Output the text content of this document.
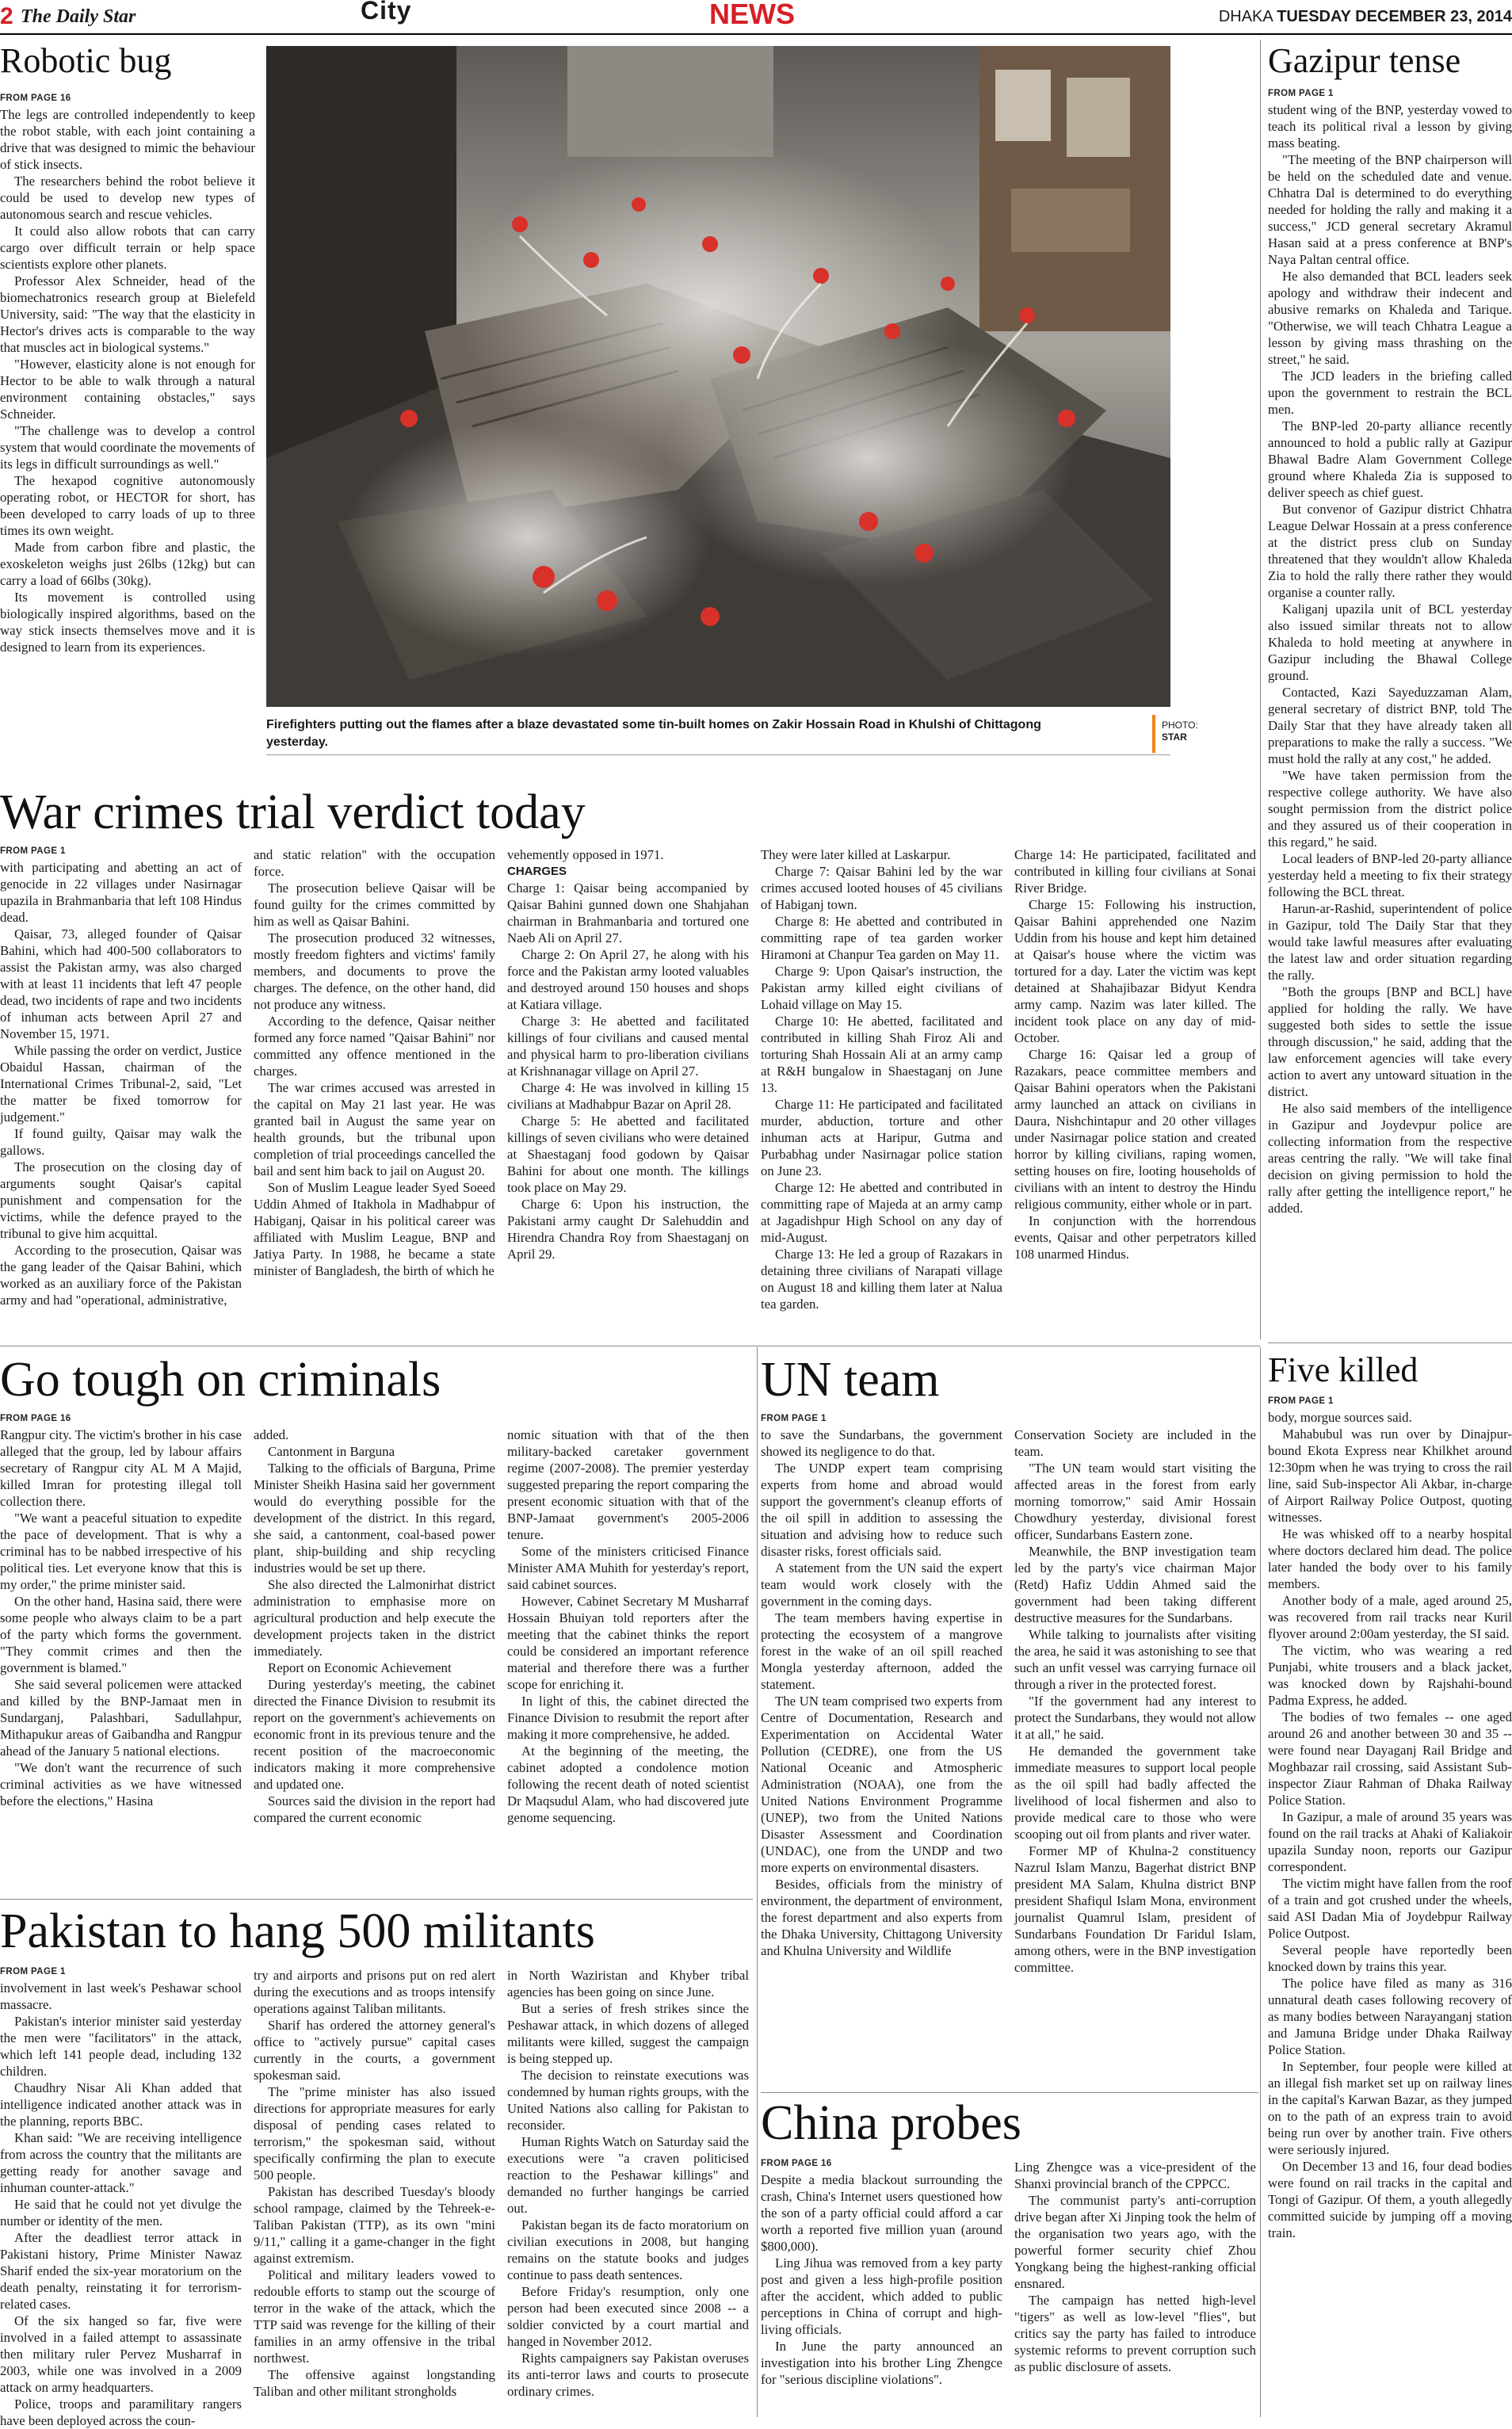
2 The Daily Star	City	NEWS	DHAKA TUESDAY DECEMBER 23, 2014
Robotic bug
FROM PAGE 16

The legs are controlled independently to keep the robot stable, with each joint containing a drive that was designed to mimic the behaviour of stick insects.

The researchers behind the robot believe it could be used to develop new types of autonomous search and rescue vehicles.

It could also allow robots that can carry cargo over difficult terrain or help space scientists explore other planets.

Professor Alex Schneider, head of the biomechatronics research group at Bielefeld University, said: "The way that the elasticity in Hector's drives acts is comparable to the way that muscles act in biological systems."

"However, elasticity alone is not enough for Hector to be able to walk through a natural environment containing obstacles," says Schneider.

"The challenge was to develop a control system that would coordinate the movements of its legs in difficult surroundings as well."

The hexapod cognitive autonomously operating robot, or HECTOR for short, has been developed to carry loads of up to three times its own weight.

Made from carbon fibre and plastic, the exoskeleton weighs just 26lbs (12kg) but can carry a load of 66lbs (30kg).

Its movement is controlled using biologically inspired algorithms, based on the way stick insects themselves move and it is designed to learn from its experiences.

Firefighters putting out the flames after a blaze devastated some tin-built homes on Zakir Hossain Road in Khulshi of Chittagong yesterday.
PHOTO:
STAR
Gazipur tense
FROM PAGE 1

student wing of the BNP, yesterday vowed to teach its political rival a lesson by giving mass beating.

"The meeting of the BNP chairperson will be held on the scheduled date and venue. Chhatra Dal is determined to do everything needed for holding the rally and making it a success," JCD general secretary Akramul Hasan said at a press conference at BNP's Naya Paltan central office.

He also demanded that BCL leaders seek apology and withdraw their indecent and abusive remarks on Khaleda and Tarique. "Otherwise, we will teach Chhatra League a lesson by giving mass thrashing on the street," he said.

The JCD leaders in the briefing called upon the government to restrain the BCL men.

The BNP-led 20-party alliance recently announced to hold a public rally at Gazipur Bhawal Badre Alam Government College ground where Khaleda Zia is supposed to deliver speech as chief guest.

But convenor of Gazipur district Chhatra League Delwar Hossain at a press conference at the district press club on Sunday threatened that they wouldn't allow Khaleda Zia to hold the rally there rather they would organise a counter rally.

Kaliganj upazila unit of BCL yesterday also issued similar threats not to allow Khaleda to hold meeting at anywhere in Gazipur including the Bhawal College ground.

Contacted, Kazi Sayeduzzaman Alam, general secretary of district BNP, told The Daily Star that they have already taken all preparations to make the rally a success. "We must hold the rally at any cost," he added.

"We have taken permission from the respective college authority. We have also sought permission from the district police and they assured us of their cooperation in this regard," he said.

Local leaders of BNP-led 20-party alliance yesterday held a meeting to fix their strategy following the BCL threat.

Harun-ar-Rashid, superintendent of police in Gazipur, told The Daily Star that they would take lawful measures after evaluating the latest law and order situation regarding the rally.

"Both the groups [BNP and BCL] have applied for holding the rally. We have suggested both sides to settle the issue through discussion," he said, adding that the law enforcement agencies will take every action to avert any untoward situation in the district.

He also said members of the intelligence in Gazipur and Joydevpur police are collecting information from the respective areas centring the rally. "We will take final decision on giving permission to hold the rally after getting the intelligence report," he added.

War crimes trial verdict today
FROM PAGE 1

with participating and abetting an act of genocide in 22 villages under Nasirnagar upazila in Brahmanbaria that left 108 Hindus dead.

Qaisar, 73, alleged founder of Qaisar Bahini, which had 400-500 collaborators to assist the Pakistan army, was also charged with at least 11 incidents that left 47 people dead, two incidents of rape and two incidents of inhuman acts between April 27 and November 15, 1971.

While passing the order on verdict, Justice Obaidul Hassan, chairman of the International Crimes Tribunal-2, said, "Let the matter be fixed tomorrow for judgement."

If found guilty, Qaisar may walk the gallows.

The prosecution on the closing day of arguments sought Qaisar's capital punishment and compensation for the victims, while the defence prayed to the tribunal to give him acquittal.

According to the prosecution, Qaisar was the gang leader of the Qaisar Bahini, which worked as an auxiliary force of the Pakistan army and had "operational, administrative,

and static relation" with the occupation force.

The prosecution believe Qaisar will be found guilty for the crimes committed by him as well as Qaisar Bahini.

The prosecution produced 32 witnesses, mostly freedom fighters and victims' family members, and documents to prove the charges. The defence, on the other hand, did not produce any witness.

According to the defence, Qaisar neither formed any force named "Qaisar Bahini" nor committed any offence mentioned in the charges.

The war crimes accused was arrested in the capital on May 21 last year. He was granted bail in August the same year on health grounds, but the tribunal upon completion of trial proceedings cancelled the bail and sent him back to jail on August 20.

Son of Muslim League leader Syed Soeed Uddin Ahmed of Itakhola in Madhabpur of Habiganj, Qaisar in his political career was affiliated with Muslim League, BNP and Jatiya Party. In 1988, he became a state minister of Bangladesh, the birth of which he

vehemently opposed in 1971.

CHARGES

Charge 1: Qaisar being accompanied by Qaisar Bahini gunned down one Shahjahan chairman in Brahmanbaria and tortured one Naeb Ali on April 27.

Charge 2: On April 27, he along with his force and the Pakistan army looted valuables and destroyed around 150 houses and shops at Katiara village.

Charge 3: He abetted and facilitated killings of four civilians and caused mental and physical harm to pro-liberation civilians at Krishnanagar village on April 27.

Charge 4: He was involved in killing 15 civilians at Madhabpur Bazar on April 28.

Charge 5: He abetted and facilitated killings of seven civilians who were detained at Shaestaganj food godown by Qaisar Bahini for about one month. The killings took place on May 29.

Charge 6: Upon his instruction, the Pakistani army caught Dr Salehuddin and Hirendra Chandra Roy from Shaestaganj on April 29.

They were later killed at Laskarpur.

Charge 7: Qaisar Bahini led by the war crimes accused looted houses of 45 civilians of Habiganj town.

Charge 8: He abetted and contributed in committing rape of tea garden worker Hiramoni at Chanpur Tea garden on May 11.

Charge 9: Upon Qaisar's instruction, the Pakistan army killed eight civilians of Lohaid village on May 15.

Charge 10: He abetted, facilitated and contributed in killing Shah Firoz Ali and torturing Shah Hossain Ali at an army camp at R&H bungalow in Shaestaganj on June 13.

Charge 11: He participated and facilitated murder, abduction, torture and other inhuman acts at Haripur, Gutma and Purbabhag under Nasirnagar police station on June 23.

Charge 12: He abetted and contributed in committing rape of Majeda at an army camp at Jagadishpur High School on any day of mid-August.

Charge 13: He led a group of Razakars in detaining three civilians of Narapati village on August 18 and killing them later at Nalua tea garden.

Charge 14: He participated, facilitated and contributed in killing four civilians at Sonai River Bridge.

Charge 15: Following his instruction, Qaisar Bahini apprehended one Nazim Uddin from his house and kept him detained at Qaisar's house where the victim was tortured for a day. Later the victim was kept detained at Shahajibazar Bidyut Kendra army camp. Nazim was later killed. The incident took place on any day of mid-October.

Charge 16: Qaisar led a group of Razakars, peace committee members and Qaisar Bahini operators when the Pakistani army launched an attack on civilians in Daura, Nishchintapur and 20 other villages under Nasirnagar police station and created horror by killing civilians, raping women, setting houses on fire, looting households of civilians with an intent to destroy the Hindu religious community, either whole or in part.

In conjunction with the horrendous events, Qaisar and other perpetrators killed 108 unarmed Hindus.

Five killed
FROM PAGE 1

body, morgue sources said.

Mahabubul was run over by Dinajpur-bound Ekota Express near Khilkhet around 12:30pm when he was trying to cross the rail line, said Sub-inspector Ali Akbar, in-charge of Airport Railway Police Outpost, quoting witnesses.

He was whisked off to a nearby hospital where doctors declared him dead. The police later handed the body over to his family members.

Another body of a male, aged around 25, was recovered from rail tracks near Kuril flyover around 2:00am yesterday, the SI said.

The victim, who was wearing a red Punjabi, white trousers and a black jacket, was knocked down by Rajshahi-bound Padma Express, he added.

The bodies of two females -- one aged around 26 and another between 30 and 35 -- were found near Dayaganj Rail Bridge and Moghbazar rail crossing, said Assistant Sub-inspector Ziaur Rahman of Dhaka Railway Police Station.

In Gazipur, a male of around 35 years was found on the rail tracks at Ahaki of Kaliakoir upazila Sunday noon, reports our Gazipur correspondent.

The victim might have fallen from the roof of a train and got crushed under the wheels, said ASI Dadan Mia of Joydebpur Railway Police Outpost.

Several people have reportedly been knocked down by trains this year.

The police have filed as many as 316 unnatural death cases following recovery of as many bodies between Narayanganj station and Jamuna Bridge under Dhaka Railway Police Station.

In September, four people were killed at an illegal fish market set up on railway lines in the capital's Karwan Bazar, as they jumped on to the path of an express train to avoid being run over by another train. Five others were seriously injured.

On December 13 and 16, four dead bodies were found on rail tracks in the capital and Tongi of Gazipur. Of them, a youth allegedly committed suicide by jumping off a moving train.

Go tough on criminals
FROM PAGE 16

Rangpur city. The victim's brother in his case alleged that the group, led by labour affairs secretary of Rangpur city AL M A Majid, killed Imran for protesting illegal toll collection there.

"We want a peaceful situation to expedite the pace of development. That is why a criminal has to be nabbed irrespective of his political ties. Let everyone know that this is my order," the prime minister said.

On the other hand, Hasina said, there were some people who always claim to be a part of the party which forms the government. "They commit crimes and then the government is blamed."

She said several policemen were attacked and killed by the BNP-Jamaat men in Sundarganj, Palashbari, Sadullahpur, Mithapukur areas of Gaibandha and Rangpur ahead of the January 5 national elections.

"We don't want the recurrence of such criminal activities as we have witnessed before the elections," Hasina

added.

Cantonment in Barguna

Talking to the officials of Barguna, Prime Minister Sheikh Hasina said her government would do everything possible for the development of the district. In this regard, she said, a cantonment, coal-based power plant, ship-building and ship recycling industries would be set up there.

She also directed the Lalmonirhat district administration to emphasise more on agricultural production and help execute the development projects taken in the district immediately.

Report on Economic Achievement

During yesterday's meeting, the cabinet directed the Finance Division to resubmit its report on the government's achievements on economic front in its previous tenure and the recent position of the macroeconomic indicators making it more comprehensive and updated one.

Sources said the division in the report had compared the current economic

nomic situation with that of the then military-backed caretaker government regime (2007-2008). The premier yesterday suggested preparing the report comparing the present economic situation with that of the BNP-Jamaat government's 2005-2006 tenure.

Some of the ministers criticised Finance Minister AMA Muhith for yesterday's report, said cabinet sources.

However, Cabinet Secretary M Musharraf Hossain Bhuiyan told reporters after the meeting that the cabinet thinks the report could be considered an important reference material and therefore there was a further scope for enriching it.

In light of this, the cabinet directed the Finance Division to resubmit the report after making it more comprehensive, he added.

At the beginning of the meeting, the cabinet adopted a condolence motion following the recent death of noted scientist Dr Maqsudul Alam, who had discovered jute genome sequencing.

Pakistan to hang 500 militants
FROM PAGE 1

involvement in last week's Peshawar school massacre.

Pakistan's interior minister said yesterday the men were "facilitators" in the attack, which left 141 people dead, including 132 children.

Chaudhry Nisar Ali Khan added that intelligence indicated another attack was in the planning, reports BBC.

Khan said: "We are receiving intelligence from across the country that the militants are getting ready for another savage and inhuman counter-attack."

He said that he could not yet divulge the number or identity of the men.

After the deadliest terror attack in Pakistani history, Prime Minister Nawaz Sharif ended the six-year moratorium on the death penalty, reinstating it for terrorism-related cases.

Of the six hanged so far, five were involved in a failed attempt to assassinate then military ruler Pervez Musharraf in 2003, while one was involved in a 2009 attack on army headquarters.

Police, troops and paramilitary rangers have been deployed across the coun-

try and airports and prisons put on red alert during the executions and as troops intensify operations against Taliban militants.

Sharif has ordered the attorney general's office to "actively pursue" capital cases currently in the courts, a government spokesman said.

The "prime minister has also issued directions for appropriate measures for early disposal of pending cases related to terrorism," the spokesman said, without specifically confirming the plan to execute 500 people.

Pakistan has described Tuesday's bloody school rampage, claimed by the Tehreek-e-Taliban Pakistan (TTP), as its own "mini 9/11," calling it a game-changer in the fight against extremism.

Political and military leaders vowed to redouble efforts to stamp out the scourge of terror in the wake of the attack, which the TTP said was revenge for the killing of their families in an army offensive in the tribal northwest.

The offensive against longstanding Taliban and other militant strongholds

in North Waziristan and Khyber tribal agencies has been going on since June.

But a series of fresh strikes since the Peshawar attack, in which dozens of alleged militants were killed, suggest the campaign is being stepped up.

The decision to reinstate executions was condemned by human rights groups, with the United Nations also calling for Pakistan to reconsider.

Human Rights Watch on Saturday said the executions were "a craven politicised reaction to the Peshawar killings" and demanded no further hangings be carried out.

Pakistan began its de facto moratorium on civilian executions in 2008, but hanging remains on the statute books and judges continue to pass death sentences.

Before Friday's resumption, only one person had been executed since 2008 -- a soldier convicted by a court martial and hanged in November 2012.

Rights campaigners say Pakistan overuses its anti-terror laws and courts to prosecute ordinary crimes.

UN team
FROM PAGE 1

to save the Sundarbans, the government showed its negligence to do that.

The UNDP expert team comprising experts from home and abroad would support the government's cleanup efforts of the oil spill in addition to assessing the situation and advising how to reduce such disaster risks, forest officials said.

A statement from the UN said the expert team would work closely with the government in the coming days.

The team members having expertise in protecting the ecosystem of a mangrove forest in the wake of an oil spill reached Mongla yesterday afternoon, added the statement.

The UN team comprised two experts from Centre of Documentation, Research and Experimentation on Accidental Water Pollution (CEDRE), one from the US National Oceanic and Atmospheric Administration (NOAA), one from the United Nations Environment Programme (UNEP), two from the United Nations Disaster Assessment and Coordination (UNDAC), one from the UNDP and two more experts on environmental disasters.

Besides, officials from the ministry of environment, the department of environment, the forest department and also experts from the Dhaka University, Chittagong University and Khulna University and Wildlife

Conservation Society are included in the team.

"The UN team would start visiting the affected areas in the forest from early morning tomorrow," said Amir Hossain Chowdhury yesterday, divisional forest officer, Sundarbans Eastern zone.

Meanwhile, the BNP investigation team led by the party's vice chairman Major (Retd) Hafiz Uddin Ahmed said the government had been taking different destructive measures for the Sundarbans.

While talking to journalists after visiting the area, he said it was astonishing to see that such an unfit vessel was carrying furnace oil through a river in the protected forest.

"If the government had any interest to protect the Sundarbans, they would not allow it at all," he said.

He demanded the government take immediate measures to support local people as the oil spill had badly affected the livelihood of local fishermen and also to provide medical care to those who were scooping out oil from plants and river water.

Former MP of Khulna-2 constituency Nazrul Islam Manzu, Bagerhat district BNP president MA Salam, Khulna district BNP president Shafiqul Islam Mona, environment journalist Quamrul Islam, president of Sundarbans Foundation Dr Faridul Islam, among others, were in the BNP investigation committee.

China probes
FROM PAGE 16

Despite a media blackout surrounding the crash, China's Internet users questioned how the son of a party official could afford a car worth a reported five million yuan (around $800,000).

Ling Jihua was removed from a key party post and given a less high-profile position after the accident, which added to public perceptions in China of corrupt and high-living officials.

In June the party announced an investigation into his brother Ling Zhengce for "serious discipline violations".

Ling Zhengce was a vice-president of the Shanxi provincial branch of the CPPCC.

The communist party's anti-corruption drive began after Xi Jinping took the helm of the organisation two years ago, with the powerful former security chief Zhou Yongkang being the highest-ranking official ensnared.

The campaign has netted high-level "tigers" as well as low-level "flies", but critics say the party has failed to introduce systemic reforms to prevent corruption such as public disclosure of assets.
